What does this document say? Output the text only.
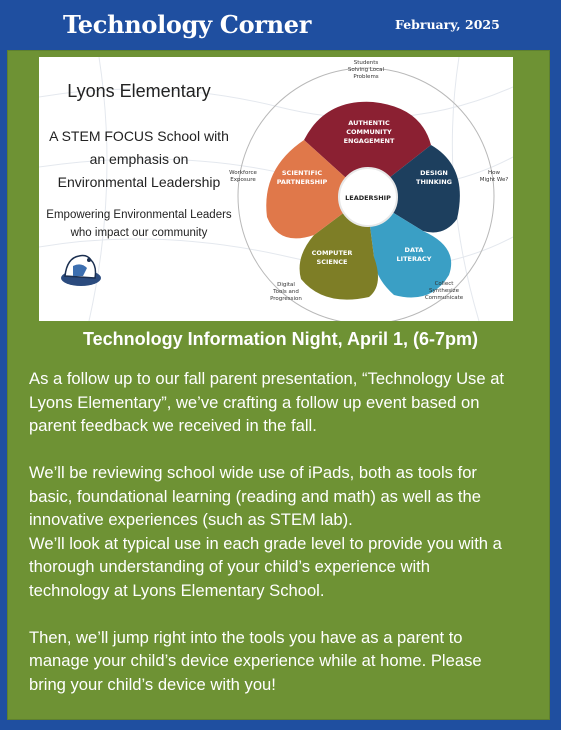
Technology Corner	February, 2025
Lyons Elementary
A STEM FOCUS School with
an emphasis on
Environmental Leadership
Empowering Environmental Leaders
who impact our community
AUTHENTIC
COMMUNITY
ENGAGEMENT
DESIGN
THINKING
DATA
LITERACY
COMPUTER
SCIENCE
SCIENTIFIC
PARTNERSHIP
LEADERSHIP
Students
Solving Local
Problems
How
Might We?
Collect
Synthesize
Communicate
Digital
Tools and
Progression
Workforce
Exposure
Technology Information Night, April 1, (6-7pm)

As a follow up to our fall parent presentation, “Technology Use at

Lyons Elementary”, we’ve crafting a follow up event based on

parent feedback we received in the fall.

We’ll be reviewing school wide use of iPads, both as tools for

basic, foundational learning (reading and math) as well as the

innovative experiences (such as STEM lab).

We’ll look at typical use in each grade level to provide you with a

thorough understanding of your child’s experience with

technology at Lyons Elementary School.

Then, we’ll jump right into the tools you have as a parent to

manage your child’s device experience while at home. Please

bring your child’s device with you!
